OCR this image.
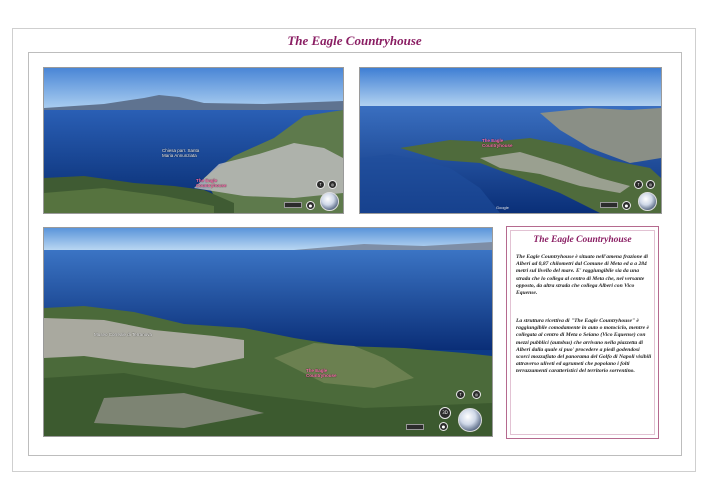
The Eagle Countryhouse
Chiesa parr. Santa Maria Annunziata
The Eagle Countryhouse	↑	◎
●
The Eagle Countryhouse
↑	◎
●
Google
Museo Correale di Terranova
The Eagle Countryhouse
↑	◎
3D
●
The Eagle Countryhouse
The Eagle Countryhouse è situato nell'amena frazione di Alberi ad 0,87 chilometri dal Comune di Meta ed a a 284 metri sul livello del mare. E' raggiungibile sia da una strada che lo collega al centro di Meta che, nel versante opposto, da altra strada che collega Alberi con Vico Equense.
La struttura ricettiva di "The Eagle Countryhouse" è raggiungibile comodamente in auto o motociclo, mentre è collegata al centro di Meta o Seiano (Vico Equense) con mezzi pubblici (autobus) che arrivano nella piazzetta di Alberi dalla quale si puo' procedere a piedi godendosi scorci mozzafiato del panorama del Golfo di Napoli visibili attraverso uliveti ed agrumeti che popolano i folti terrazzamenti caratteristici del territorio sorrentino.
